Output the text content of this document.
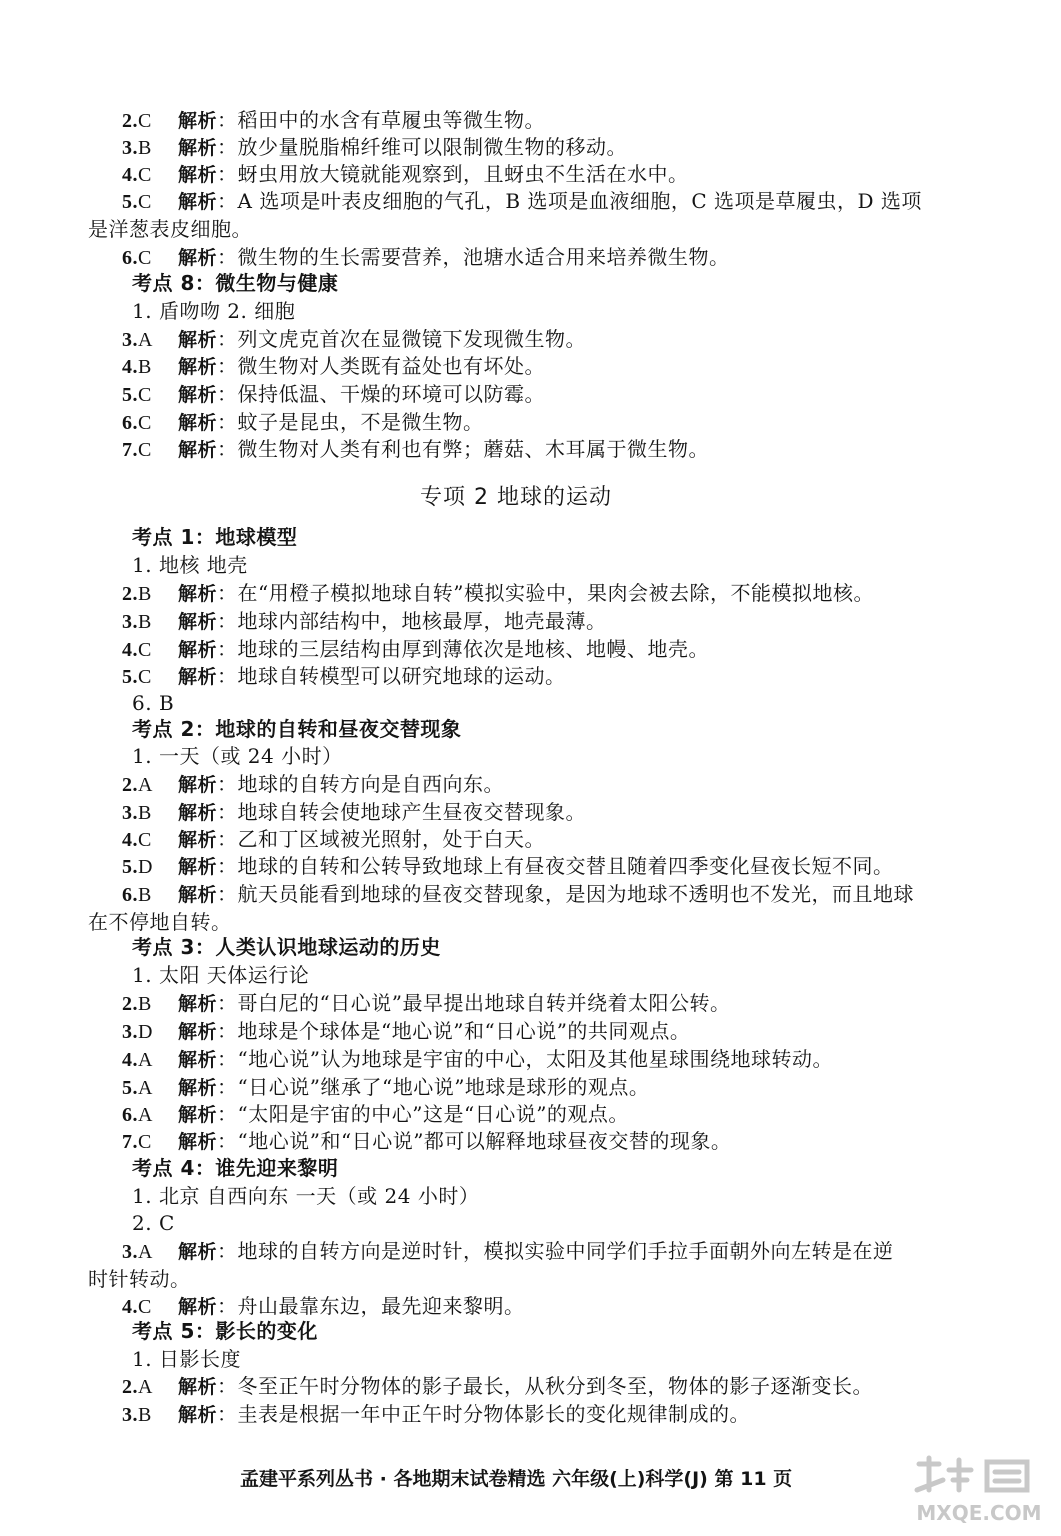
2.C 解析：稻田中的水含有草履虫等微生物。
3.B 解析：放少量脱脂棉纤维可以限制微生物的移动。
4.C 解析：蚜虫用放大镜就能观察到，且蚜虫不生活在水中。
5.C 解析：A 选项是叶表皮细胞的气孔，B 选项是血液细胞，C 选项是草履虫，D 选项
是洋葱表皮细胞。
6.C 解析：微生物的生长需要营养，池塘水适合用来培养微生物。
考点 8：微生物与健康
1. 盾吻吻 2. 细胞
3.A 解析：列文虎克首次在显微镜下发现微生物。
4.B 解析：微生物对人类既有益处也有坏处。
5.C 解析：保持低温、干燥的环境可以防霉。
6.C 解析：蚊子是昆虫，不是微生物。
7.C 解析：微生物对人类有利也有弊；蘑菇、木耳属于微生物。
专项 2 地球的运动
考点 1：地球模型
1. 地核 地壳
2.B 解析：在“用橙子模拟地球自转”模拟实验中，果肉会被去除，不能模拟地核。
3.B 解析：地球内部结构中，地核最厚，地壳最薄。
4.C 解析：地球的三层结构由厚到薄依次是地核、地幔、地壳。
5.C 解析：地球自转模型可以研究地球的运动。
6. B
考点 2：地球的自转和昼夜交替现象
1. 一天（或 24 小时）
2.A 解析：地球的自转方向是自西向东。
3.B 解析：地球自转会使地球产生昼夜交替现象。
4.C 解析：乙和丁区域被光照射，处于白天。
5.D 解析：地球的自转和公转导致地球上有昼夜交替且随着四季变化昼夜长短不同。
6.B 解析：航天员能看到地球的昼夜交替现象，是因为地球不透明也不发光，而且地球
在不停地自转。
考点 3：人类认识地球运动的历史
1. 太阳 天体运行论
2.B 解析：哥白尼的“日心说”最早提出地球自转并绕着太阳公转。
3.D 解析：地球是个球体是“地心说”和“日心说”的共同观点。
4.A 解析：“地心说”认为地球是宇宙的中心，太阳及其他星球围绕地球转动。
5.A 解析：“日心说”继承了“地心说”地球是球形的观点。
6.A 解析：“太阳是宇宙的中心”这是“日心说”的观点。
7.C 解析：“地心说”和“日心说”都可以解释地球昼夜交替的现象。
考点 4：谁先迎来黎明
1. 北京 自西向东 一天（或 24 小时）
2. C
3.A 解析：地球的自转方向是逆时针，模拟实验中同学们手拉手面朝外向左转是在逆
时针转动。
4.C 解析：舟山最靠东边，最先迎来黎明。
考点 5：影长的变化
1. 日影长度
2.A 解析：冬至正午时分物体的影子最长，从秋分到冬至，物体的影子逐渐变长。
3.B 解析：圭表是根据一年中正午时分物体影长的变化规律制成的。
孟建平系列丛书 · 各地期末试卷精选 六年级(上)科学(J) 第 11 页
MXQE.COM
